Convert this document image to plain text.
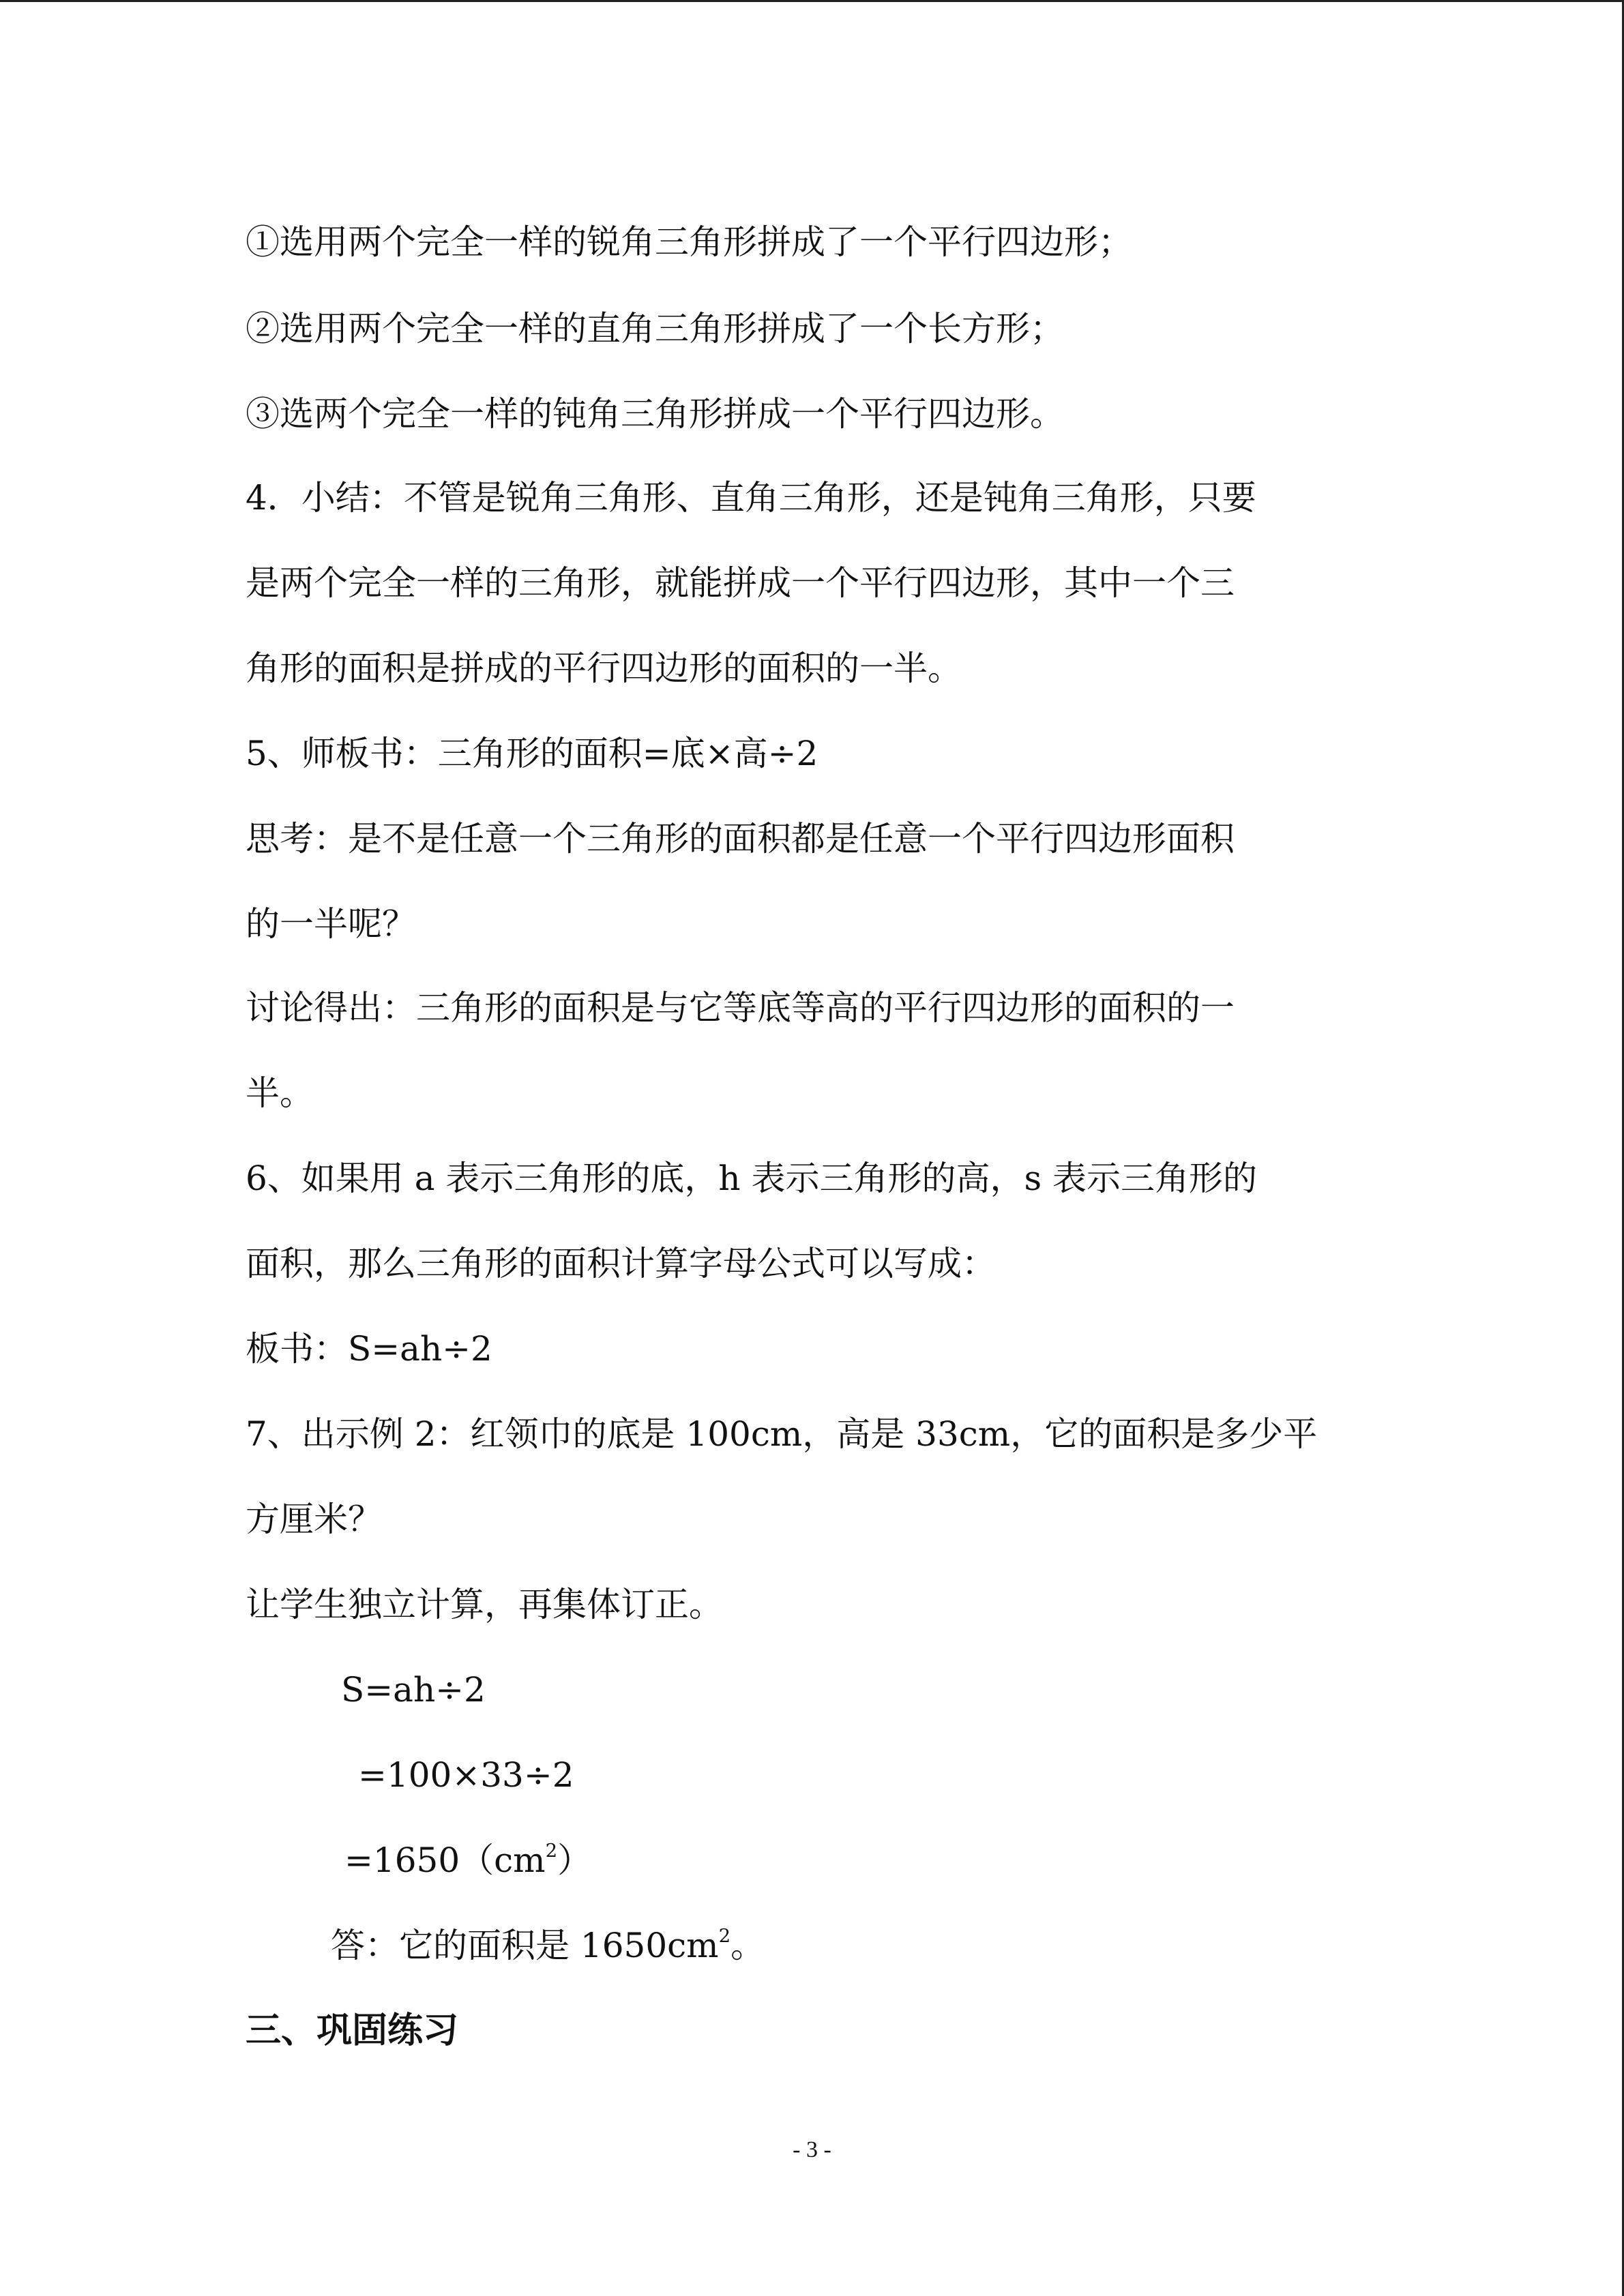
①选用两个完全一样的锐角三角形拼成了一个平行四边形；
②选用两个完全一样的直角三角形拼成了一个长方形；
③选两个完全一样的钝角三角形拼成一个平行四边形。
4．小结：不管是锐角三角形、直角三角形，还是钝角三角形，只要
是两个完全一样的三角形，就能拼成一个平行四边形，其中一个三
角形的面积是拼成的平行四边形的面积的一半。
5、师板书：三角形的面积=底×高÷2
思考：是不是任意一个三角形的面积都是任意一个平行四边形面积
的一半呢？
讨论得出：三角形的面积是与它等底等高的平行四边形的面积的一
半。
6、如果用 a 表示三角形的底，h 表示三角形的高，s 表示三角形的
面积，那么三角形的面积计算字母公式可以写成：
板书：S=ah÷2
7、出示例 2：红领巾的底是 100cm，高是 33cm，它的面积是多少平
方厘米？
让学生独立计算，再集体订正。
S=ah÷2
=100×33÷2
$=1650(cm^2)$
答：它的面积是 $1650cm^2$。
三、巩固练习
- 3 -
